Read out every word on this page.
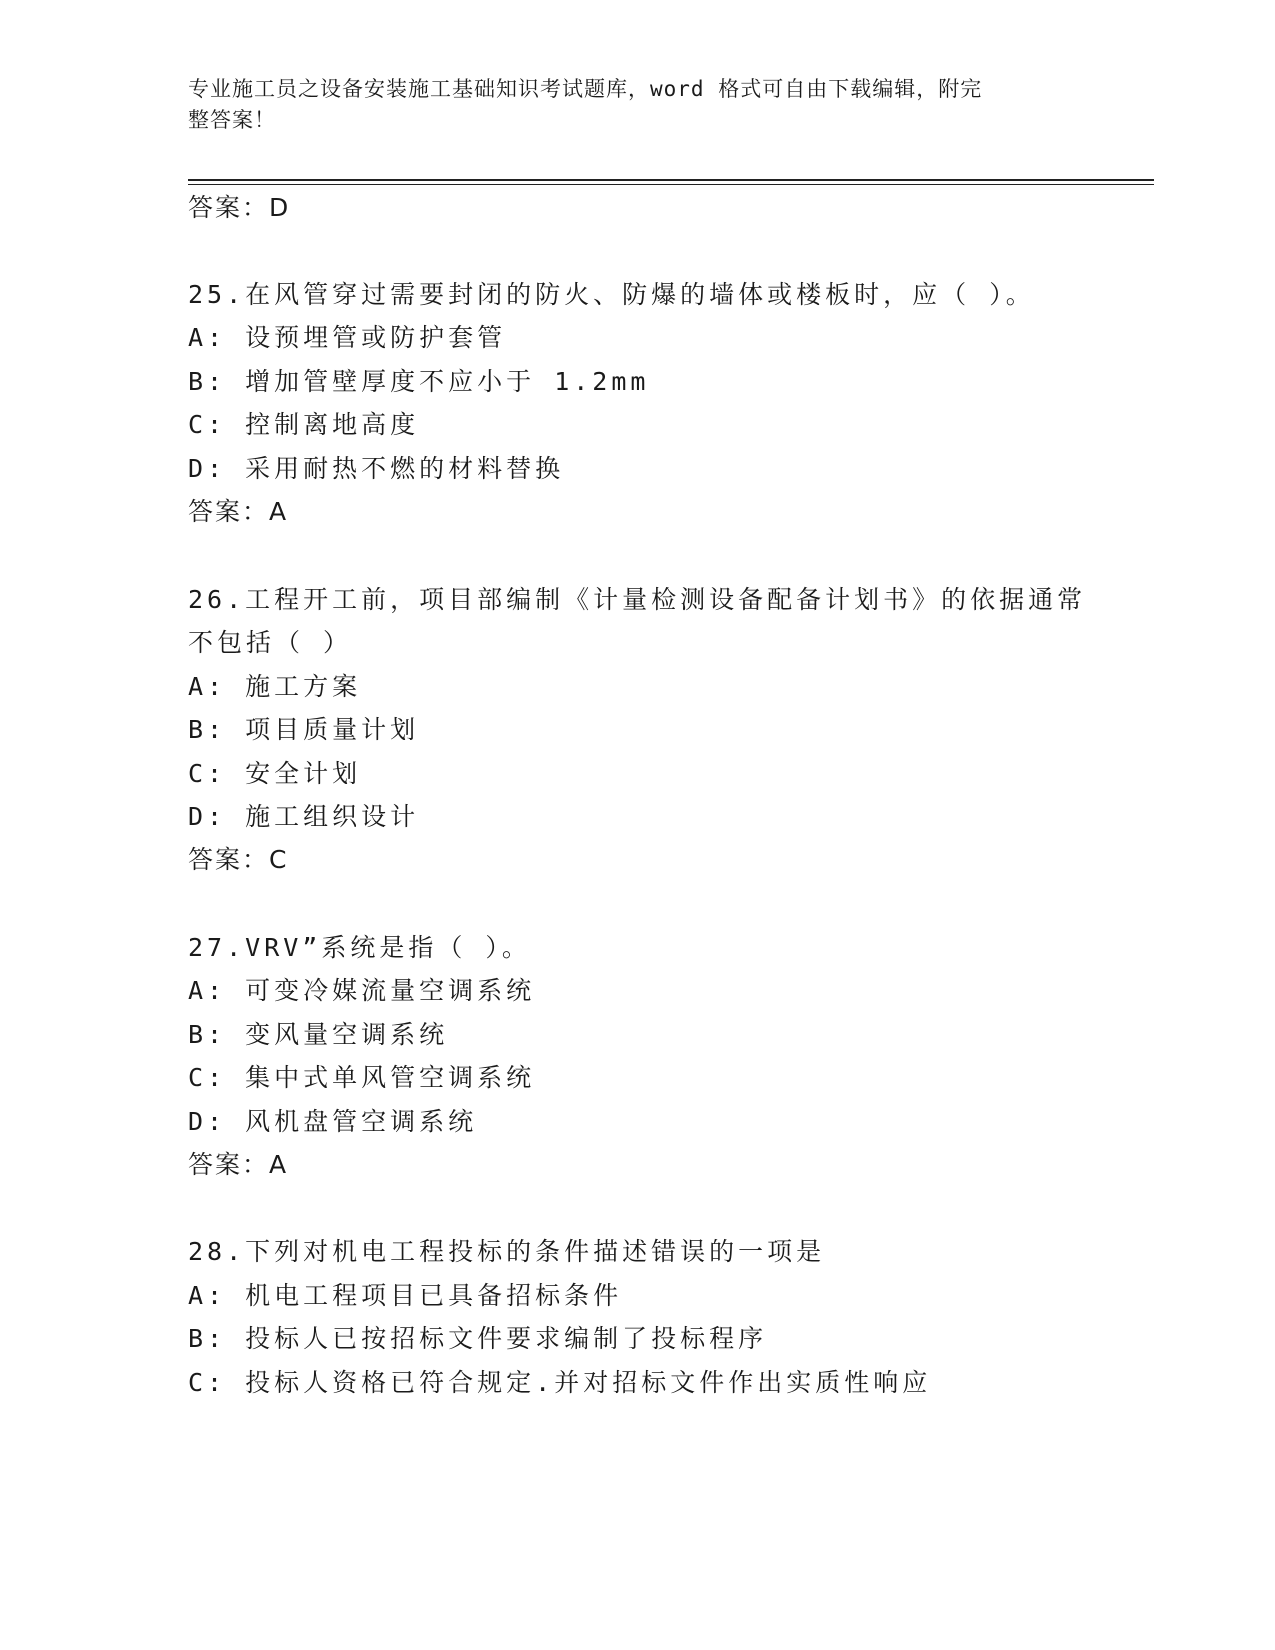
专业施工员之设备安装施工基础知识考试题库，word 格式可自由下载编辑，附完
整答案！
答案：D
25.在风管穿过需要封闭的防火、防爆的墙体或楼板时，应（ ）。
A: 设预埋管或防护套管
B: 增加管壁厚度不应小于 1.2mm
C: 控制离地高度
D: 采用耐热不燃的材料替换
答案：A
26.工程开工前，项目部编制《计量检测设备配备计划书》的依据通常
不包括（ ）
A: 施工方案
B: 项目质量计划
C: 安全计划
D: 施工组织设计
答案：C
27.VRV”系统是指（ ）。
A: 可变冷媒流量空调系统
B: 变风量空调系统
C: 集中式单风管空调系统
D: 风机盘管空调系统
答案：A
28.下列对机电工程投标的条件描述错误的一项是
A: 机电工程项目已具备招标条件
B: 投标人已按招标文件要求编制了投标程序
C: 投标人资格已符合规定.并对招标文件作出实质性响应
